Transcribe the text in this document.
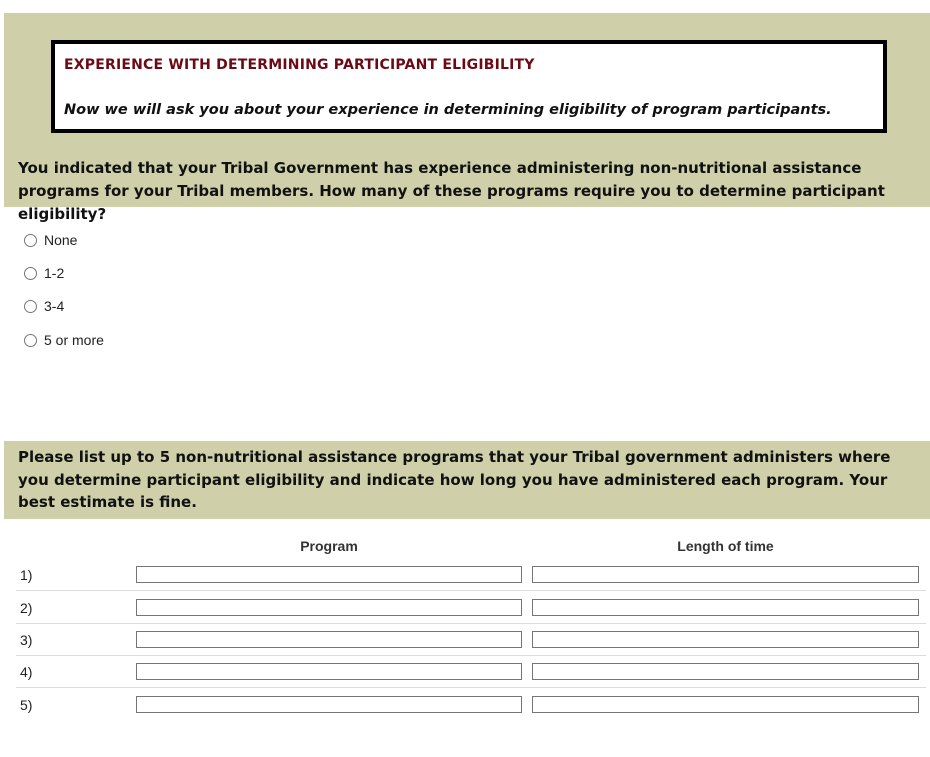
EXPERIENCE WITH DETERMINING PARTICIPANT ELIGIBILITY
Now we will ask you about your experience in determining eligibility of program participants.
You indicated that your Tribal Government has experience administering non-nutritional assistance programs for your Tribal members. How many of these programs require you to determine participant eligibility?
None
1-2
3-4
5 or more
Please list up to 5 non-nutritional assistance programs that your Tribal government administers where you determine participant eligibility and indicate how long you have administered each program. Your best estimate is fine.
Program	Length of time
1)
2)
3)
4)
5)
